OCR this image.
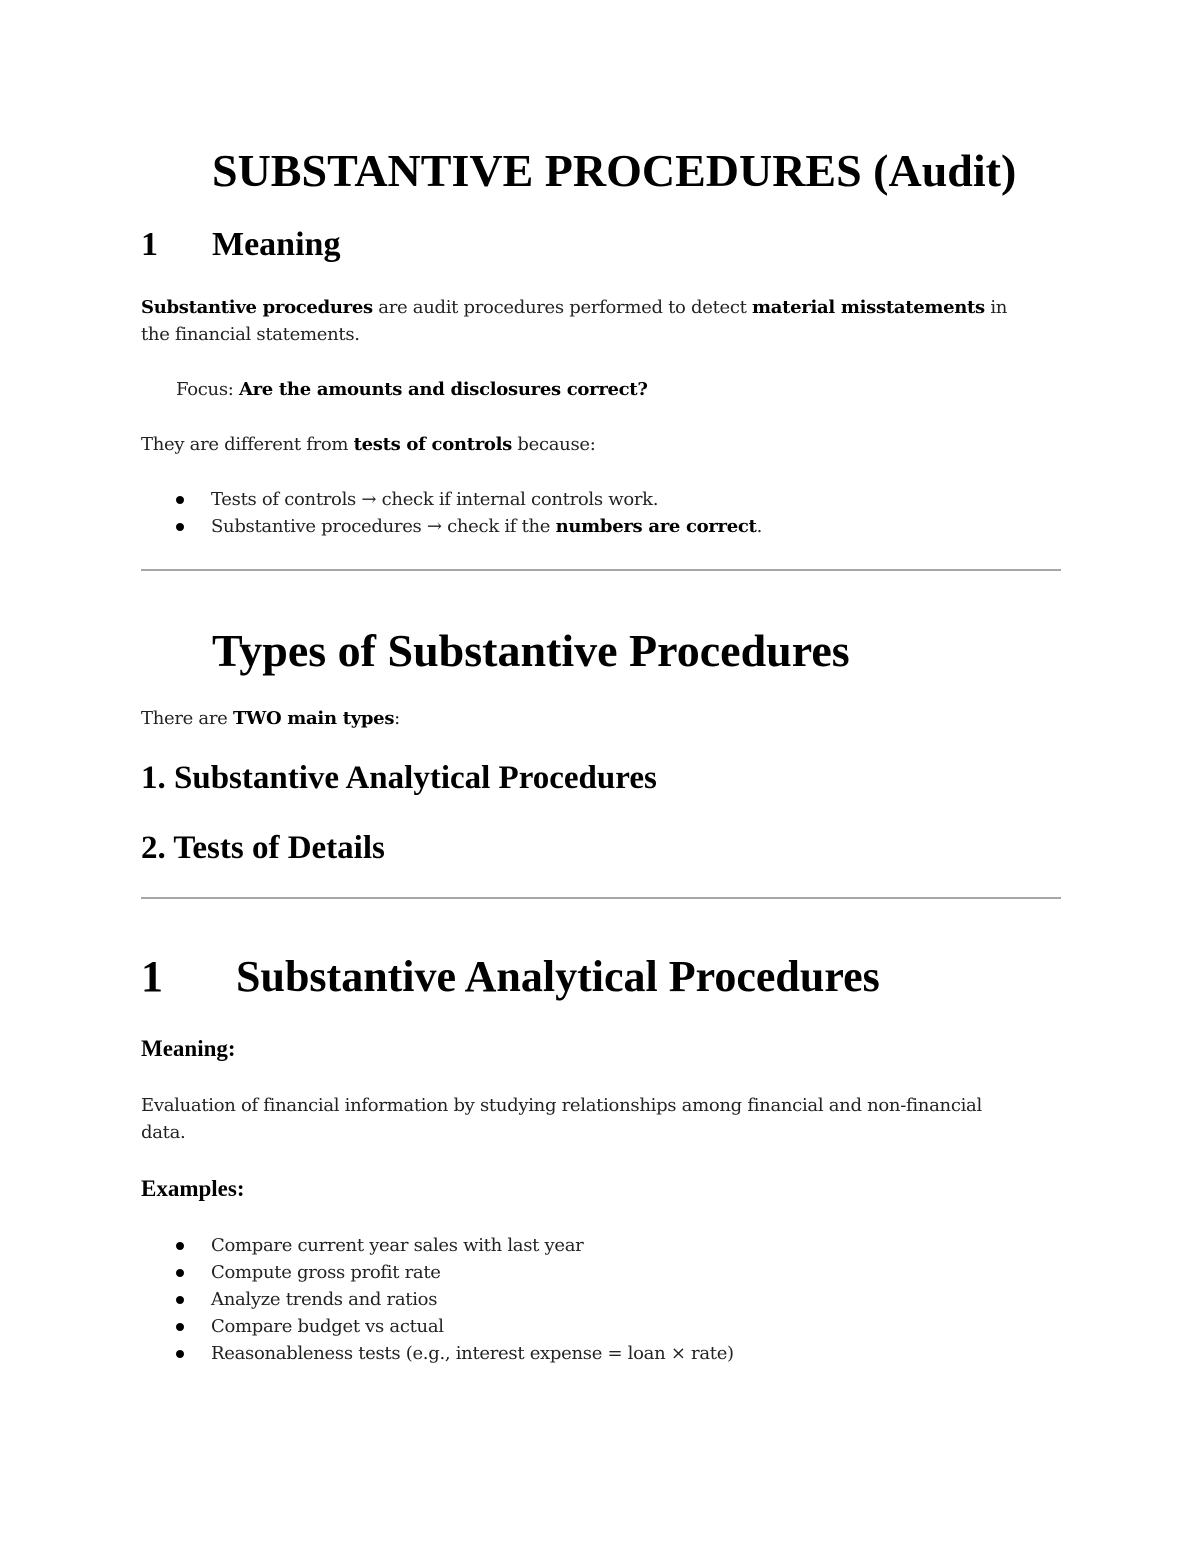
SUBSTANTIVE PROCEDURES (Audit)
1 Meaning
Substantive procedures are audit procedures performed to detect material misstatements in
the financial statements.
Focus: Are the amounts and disclosures correct?
They are different from tests of controls because:
Tests of controls → check if internal controls work.
Substantive procedures → check if the numbers are correct.
Types of Substantive Procedures
There are TWO main types:
1. Substantive Analytical Procedures
2. Tests of Details
1 Substantive Analytical Procedures
Meaning:
Evaluation of financial information by studying relationships among financial and non-financial
data.
Examples:
Compare current year sales with last year
Compute gross profit rate
Analyze trends and ratios
Compare budget vs actual
Reasonableness tests (e.g., interest expense = loan × rate)
